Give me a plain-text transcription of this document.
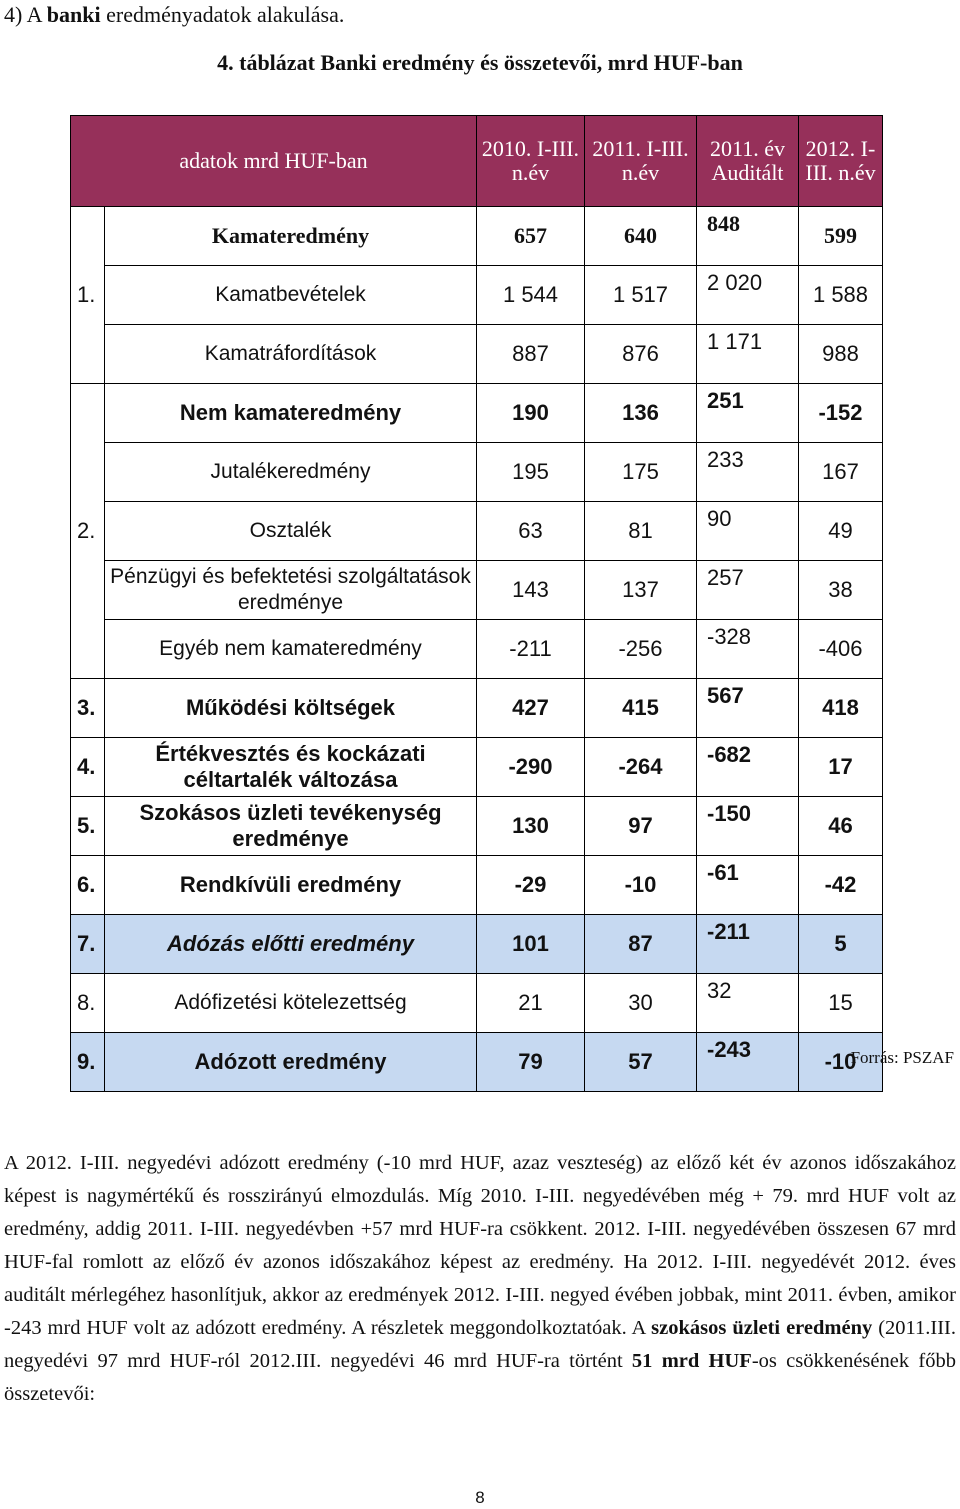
4) A banki eredményadatok alakulása.
4. táblázat Banki eredmény és összetevői, mrd HUF-ban
adatok mrd HUF-ban		2010. I-III. n.év	2011. I-III. n.év	2011. év Auditált	2012. I-III. n.év
1.	Kamateredmény	657	640	848	599
	Kamatbevételek	1 544	1 517	2 020	1 588
	Kamatráfordítások	887	876	1 171	988
2.	Nem kamateredmény	190	136	251	-152
	Jutalékeredmény	195	175	233	167
	Osztalék	63	81	90	49
	Pénzügyi és befektetési szolgáltatások eredménye	143	137	257	38
	Egyéb nem kamateredmény	-211	-256	-328	-406
3.	Működési költségek	427	415	567	418
4.	Értékvesztés és kockázati céltartalék változása	-290	-264	-682	17
5.	Szokásos üzleti tevékenység eredménye	130	97	-150	46
6.	Rendkívüli eredmény	-29	-10	-61	-42
7.	Adózás előtti eredmény	101	87	-211	5
8.	Adófizetési kötelezettség	21	30	32	15
9.	Adózott eredmény	79	57	-243	-10
Forrás: PSZAF
A 2012. I-III. negyedévi adózott eredmény (-10 mrd HUF, azaz veszteség) az előző két év azonos időszakához képest is nagymértékű és rosszirányú elmozdulás. Míg 2010. I-III. negyedévében még + 79. mrd HUF volt az eredmény, addig 2011. I-III. negyedévben +57 mrd HUF-ra csökkent. 2012. I-III. negyedévében összesen 67 mrd HUF-fal romlott az előző év azonos időszakához képest az eredmény. Ha 2012. I-III. negyedévét 2012. éves auditált mérlegéhez hasonlítjuk, akkor az eredmények 2012. I-III. negyed évében jobbak, mint 2011. évben, amikor -243 mrd HUF volt az adózott eredmény. A részletek meggondolkoztatóak. A szokásos üzleti eredmény (2011.III. negyedévi 97 mrd HUF-ról 2012.III. negyedévi 46 mrd HUF-ra történt 51 mrd HUF-os csökkenésének főbb összetevői:
8
